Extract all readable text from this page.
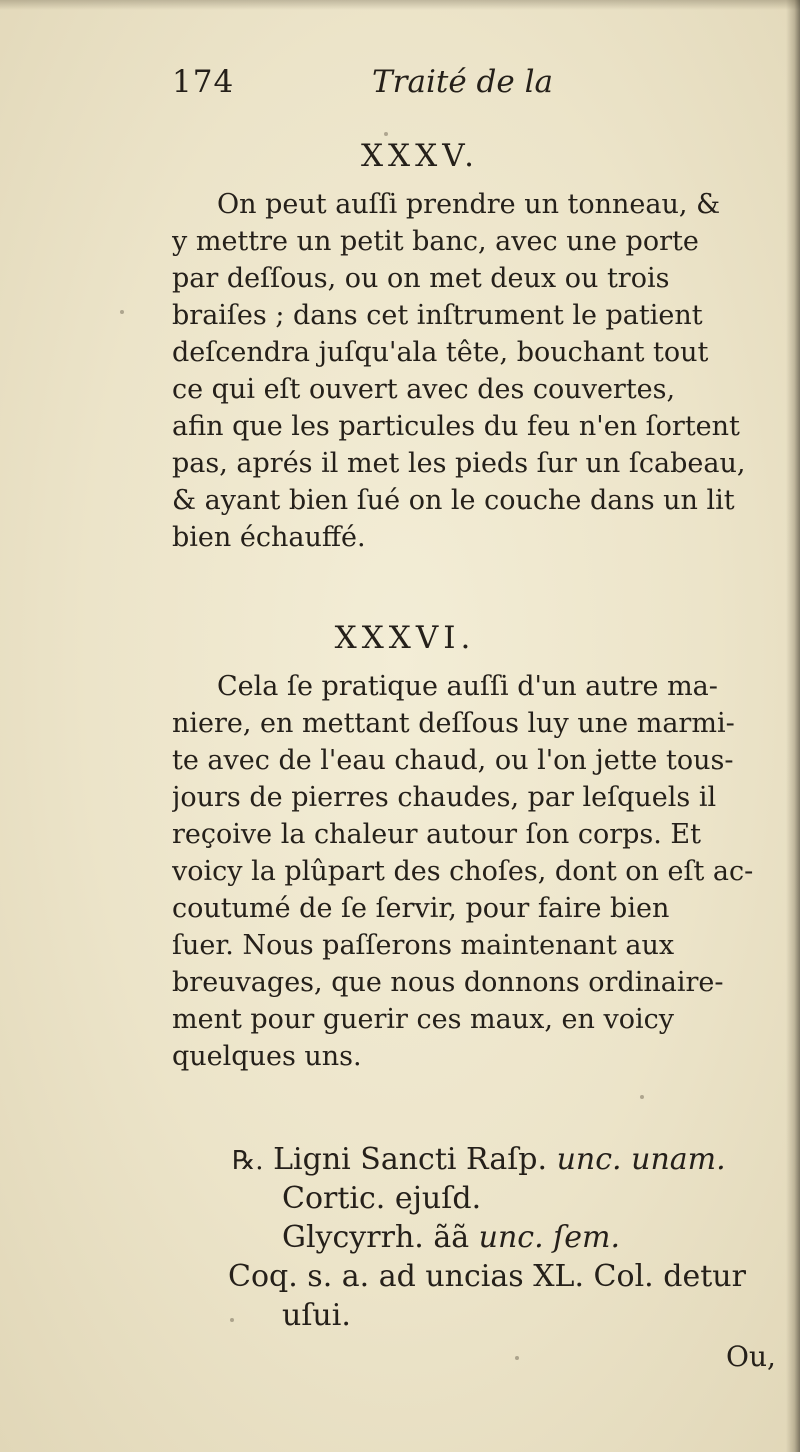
174	Traité de la
XXXV.
On peut auſſi prendre un tonneau, &
y mettre un petit banc, avec une porte
par deſſous, ou on met deux ou trois
braiſes ; dans cet inſtrument le patient
deſcendra juſqu'ala tête, bouchant tout
ce qui eſt ouvert avec des couvertes,
afin que les particules du feu n'en ſortent
pas, aprés il met les pieds ſur un ſcabeau,
& ayant bien ſué on le couche dans un lit
bien échauffé.
XXXVI.
Cela ſe pratique auſſi d'un autre ma-
niere, en mettant deſſous luy une marmi-
te avec de l'eau chaud, ou l'on jette tous-
jours de pierres chaudes, par leſquels il
reçoive la chaleur autour ſon corps. Et
voicy la plûpart des choſes, dont on eſt ac-
coutumé de ſe ſervir, pour faire bien
ſuer. Nous paſſerons maintenant aux
breuvages, que nous donnons ordinaire-
ment pour guerir ces maux, en voicy
quelques uns.
℞. Ligni Sancti Raſp. unc. unam.
Cortic. ejuſd.
Glycyrrh. ãã unc. ſem.
Coq. s. a. ad uncias XL. Col. detur
uſui.
Ou,
